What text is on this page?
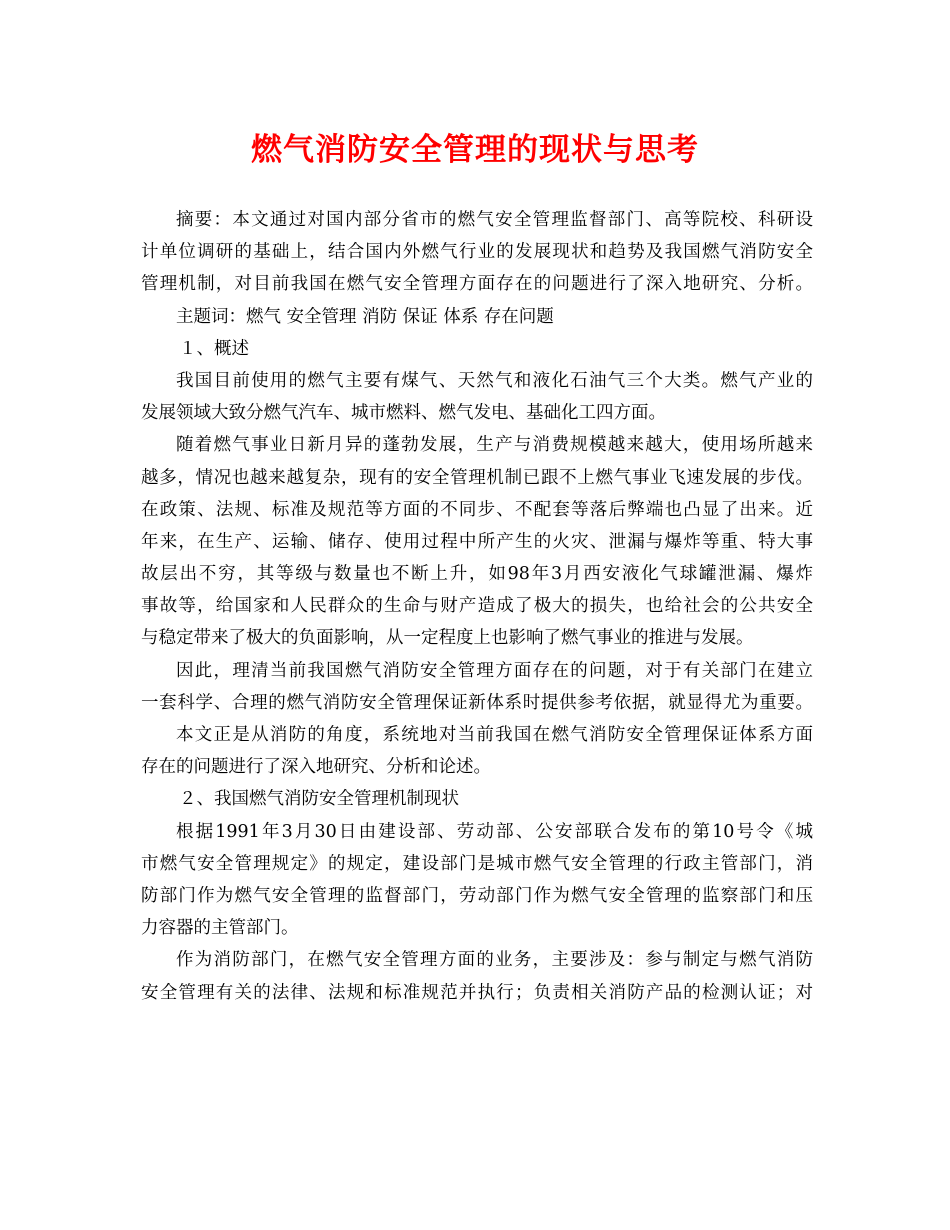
燃气消防安全管理的现状与思考
摘要：本文通过对国内部分省市的燃气安全管理监督部门、高等院校、科研设
计单位调研的基础上，结合国内外燃气行业的发展现状和趋势及我国燃气消防安全
管理机制，对目前我国在燃气安全管理方面存在的问题进行了深入地研究、分析。
主题词：燃气 安全管理 消防 保证 体系 存在问题
１、概述
我国目前使用的燃气主要有煤气、天然气和液化石油气三个大类。燃气产业的
发展领域大致分燃气汽车、城市燃料、燃气发电、基础化工四方面。
随着燃气事业日新月异的蓬勃发展，生产与消费规模越来越大，使用场所越来
越多，情况也越来越复杂，现有的安全管理机制已跟不上燃气事业飞速发展的步伐。
在政策、法规、标准及规范等方面的不同步、不配套等落后弊端也凸显了出来。近
年来，在生产、运输、储存、使用过程中所产生的火灾、泄漏与爆炸等重、特大事
故层出不穷，其等级与数量也不断上升，如98年3月西安液化气球罐泄漏、爆炸
事故等，给国家和人民群众的生命与财产造成了极大的损失，也给社会的公共安全
与稳定带来了极大的负面影响，从一定程度上也影响了燃气事业的推进与发展。
因此，理清当前我国燃气消防安全管理方面存在的问题，对于有关部门在建立
一套科学、合理的燃气消防安全管理保证新体系时提供参考依据，就显得尤为重要。
本文正是从消防的角度，系统地对当前我国在燃气消防安全管理保证体系方面
存在的问题进行了深入地研究、分析和论述。
２、我国燃气消防安全管理机制现状
根据1991年3月30日由建设部、劳动部、公安部联合发布的第10号令《城
市燃气安全管理规定》的规定，建设部门是城市燃气安全管理的行政主管部门，消
防部门作为燃气安全管理的监督部门，劳动部门作为燃气安全管理的监察部门和压
力容器的主管部门。
作为消防部门，在燃气安全管理方面的业务，主要涉及：参与制定与燃气消防
安全管理有关的法律、法规和标准规范并执行；负责相关消防产品的检测认证；对
